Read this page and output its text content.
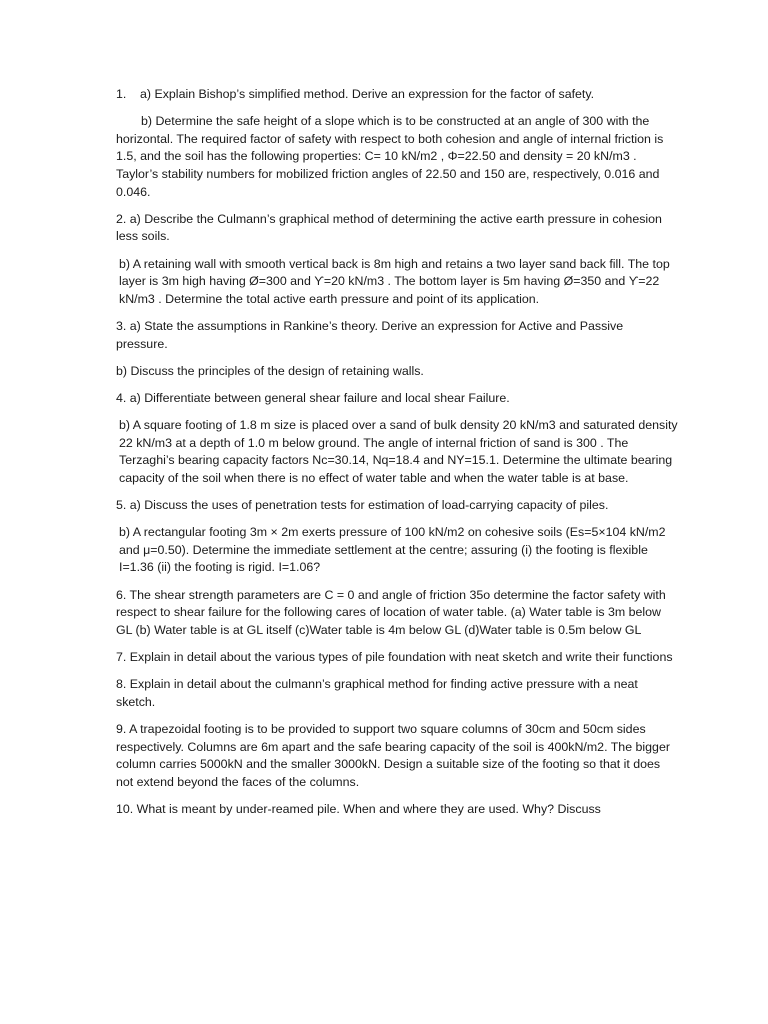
1.	a) Explain Bishop’s simplified method. Derive an expression for the factor of safety.

b) Determine the safe height of a slope which is to be constructed at an angle of 300 with the horizontal. The required factor of safety with respect to both cohesion and angle of internal friction is 1.5, and the soil has the following properties: C= 10 kN/m2 , Φ=22.50 and density = 20 kN/m3 . Taylor’s stability numbers for mobilized friction angles of 22.50 and 150 are, respectively, 0.016 and 0.046.

2. a) Describe the Culmann’s graphical method of determining the active earth pressure in cohesion less soils.

b) A retaining wall with smooth vertical back is 8m high and retains a two layer sand back fill. The top layer is 3m high having Ø=300 and ϒ=20 kN/m3 . The bottom layer is 5m having Ø=350 and ϒ=22 kN/m3 . Determine the total active earth pressure and point of its application.

3. a) State the assumptions in Rankine’s theory. Derive an expression for Active and Passive pressure.

b) Discuss the principles of the design of retaining walls.

4. a) Differentiate between general shear failure and local shear Failure.

b) A square footing of 1.8 m size is placed over a sand of bulk density 20 kN/m3 and saturated density 22 kN/m3 at a depth of 1.0 m below ground. The angle of internal friction of sand is 300 . The Terzaghi’s bearing capacity factors Nc=30.14, Nq=18.4 and NY=15.1. Determine the ultimate bearing capacity of the soil when there is no effect of water table and when the water table is at base.

5. a) Discuss the uses of penetration tests for estimation of load-carrying capacity of piles.

b) A rectangular footing 3m × 2m exerts pressure of 100 kN/m2 on cohesive soils (Es=5×104 kN/m2 and μ=0.50). Determine the immediate settlement at the centre; assuring (i) the footing is flexible I=1.36 (ii) the footing is rigid. I=1.06?

6. The shear strength parameters are C = 0 and angle of friction 35o determine the factor safety with respect to shear failure for the following cares of location of water table. (a) Water table is 3m below GL (b) Water table is at GL itself (c)Water table is 4m below GL (d)Water table is 0.5m below GL

7. Explain in detail about the various types of pile foundation with neat sketch and write their functions

8. Explain in detail about the culmann’s graphical method for finding active pressure with a neat sketch.

9. A trapezoidal footing is to be provided to support two square columns of 30cm and 50cm sides respectively. Columns are 6m apart and the safe bearing capacity of the soil is 400kN/m2. The bigger column carries 5000kN and the smaller 3000kN. Design a suitable size of the footing so that it does not extend beyond the faces of the columns.

10. What is meant by under-reamed pile. When and where they are used. Why? Discuss
